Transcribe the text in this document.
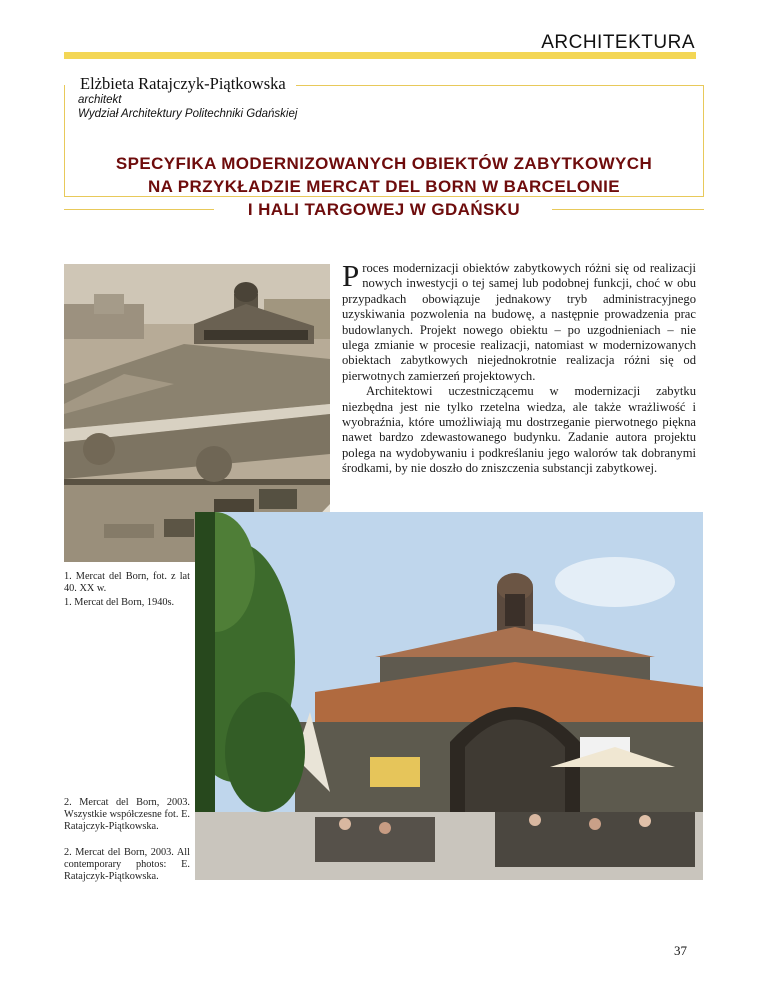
ARCHITEKTURA
Elżbieta Ratajczyk-Piątkowska
architekt
Wydział Architektury Politechniki Gdańskiej
SPECYFIKA MODERNIZOWANYCH OBIEKTÓW ZABYTKOWYCH
NA PRZYKŁADZIE MERCAT DEL BORN W BARCELONIE
I HALI TARGOWEJ W GDAŃSKU

Proces modernizacji obiektów zabytkowych różni się od realizacji nowych inwestycji o tej samej lub podobnej funkcji, choć w obu przypadkach obowiązuje jednakowy tryb administracyjnego uzyskiwania pozwolenia na budowę, a następnie prowadzenia prac budowlanych. Projekt nowego obiektu – po uzgodnieniach – nie ulega zmianie w procesie realizacji, natomiast w modernizowanych obiektach zabytkowych niejednokrotnie realizacja różni się od pierwotnych zamierzeń projektowych.

Architektowi uczestniczącemu w modernizacji zabytku niezbędna jest nie tylko rzetelna wiedza, ale także wrażliwość i wyobraźnia, które umożliwiają mu dostrzeganie pierwotnego piękna nawet bardzo zdewastowanego budynku. Zadanie autora projektu polega na wydobywaniu i podkreślaniu jego walorów tak dobranymi środkami, by nie doszło do zniszczenia substancji zabytkowej.

1. Mercat del Born, fot. z lat 40. XX w.
1. Mercat del Born, 1940s.
2. Mercat del Born, 2003. Wszystkie współczesne fot. E. Ratajczyk-Piątkowska.
2. Mercat del Born, 2003. All contemporary photos: E. Ratajczyk-Piątkowska.
37
